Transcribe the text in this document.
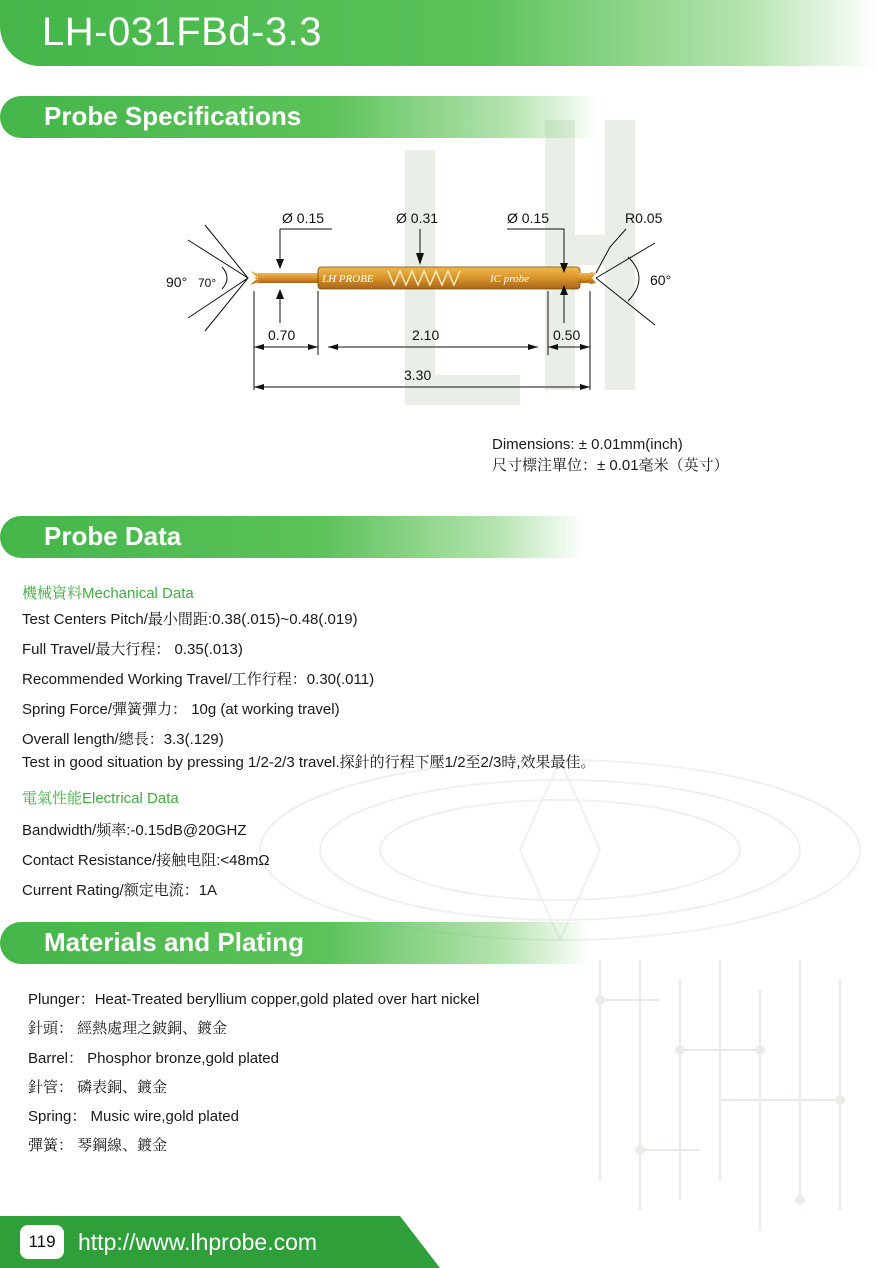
LH-031FBd-3.3
Probe Specifications
LH PROBE	IC probe
Ø 0.15	Ø 0.31	Ø 0.15	R0.05
90° 70°	60°
0.70	2.10	0.50
3.30
Dimensions: ± 0.01mm(inch)
尺寸標注單位：± 0.01毫米（英寸）
Probe Data
機械資料Mechanical Data
Test Centers Pitch/最小間距:0.38(.015)~0.48(.019)
Full Travel/最大行程： 0.35(.013)
Recommended Working Travel/工作行程：0.30(.011)
Spring Force/彈簧彈力： 10g (at working travel)
Overall length/總長：3.3(.129)
Test in good situation by pressing 1/2-2/3 travel.探針的行程下壓1/2至2/3時,效果最佳。
電氣性能Electrical Data
Bandwidth/频率:-0.15dB@20GHZ
Contact Resistance/接触电阻:<48mΩ
Current Rating/额定电流：1A
Materials and Plating
Plunger：Heat-Treated beryllium copper,gold plated over hart nickel
針頭： 經熱處理之鈹銅、鍍金
Barrel： Phosphor bronze,gold plated
針管： 磷表銅、鍍金
Spring： Music wire,gold plated
彈簧： 琴鋼線、鍍金
119 http://www.lhprobe.com
